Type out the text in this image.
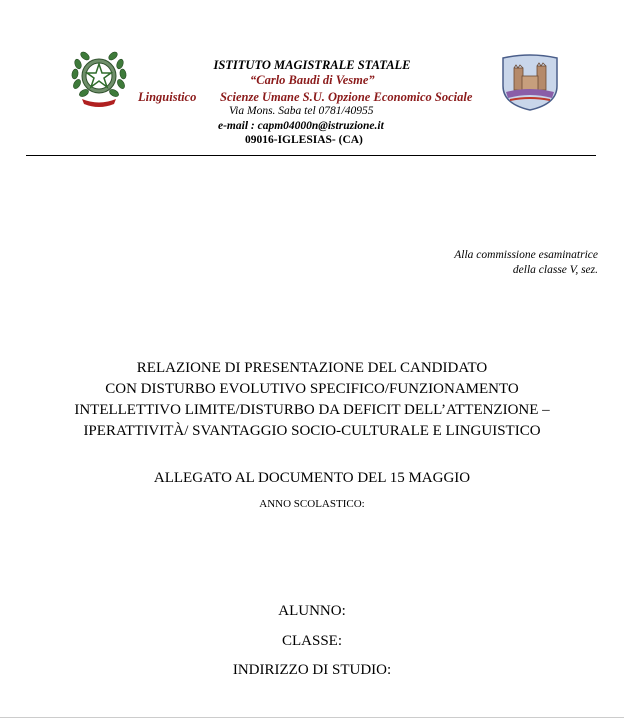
ISTITUTO MAGISTRALE STATALE
“Carlo Baudi di Vesme”
Linguistico Scienze Umane S.U. Opzione Economico Sociale
Via Mons. Saba tel 0781/40955
e-mail : capm04000n@istruzione.it
09016-IGLESIAS- (CA)
Alla commissione esaminatrice
della classe V, sez.
RELAZIONE DI PRESENTAZIONE DEL CANDIDATO
CON DISTURBO EVOLUTIVO SPECIFICO/FUNZIONAMENTO
INTELLETTIVO LIMITE/DISTURBO DA DEFICIT DELL’ATTENZIONE –
IPERATTIVITÀ/ SVANTAGGIO SOCIO-CULTURALE E LINGUISTICO
ALLEGATO AL DOCUMENTO DEL 15 MAGGIO
ANNO SCOLASTICO:
ALUNNO:
CLASSE:
INDIRIZZO DI STUDIO:
